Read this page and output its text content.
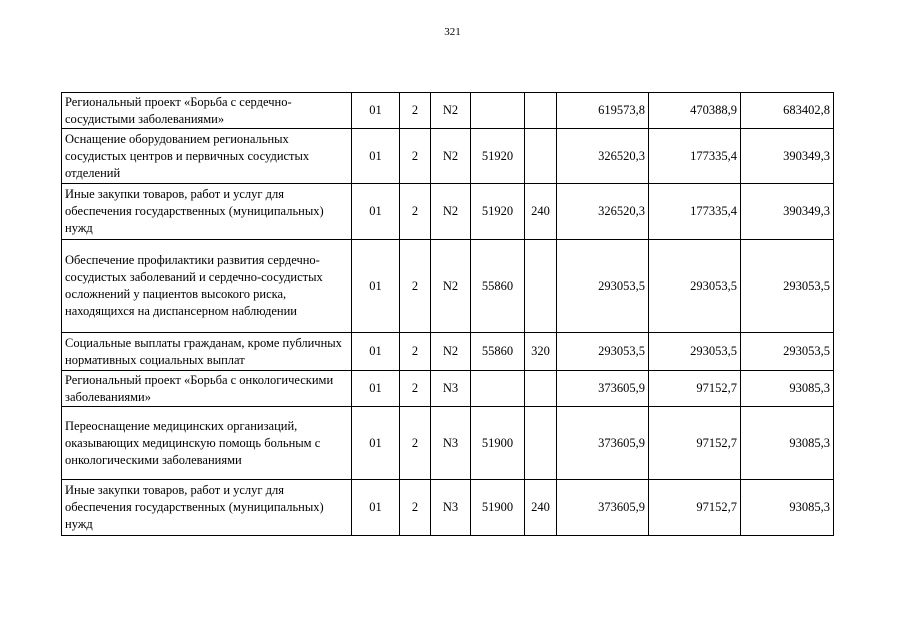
321
Региональный проект «Борьба с сердечно-сосудистыми заболеваниями»	01	2	N2			619573,8	470388,9	683402,8
Оснащение оборудованием региональных сосудистых центров и первичных сосудистых отделений	01	2	N2	51920		326520,3	177335,4	390349,3
Иные закупки товаров, работ и услуг для обеспечения государственных (муниципальных) нужд	01	2	N2	51920	240	326520,3	177335,4	390349,3
Обеспечение профилактики развития сердечно-сосудистых заболеваний и сердечно-сосудистых осложнений у пациентов высокого риска, находящихся на диспансерном наблюдении	01	2	N2	55860		293053,5	293053,5	293053,5
Социальные выплаты гражданам, кроме публичных нормативных социальных выплат	01	2	N2	55860	320	293053,5	293053,5	293053,5
Региональный проект «Борьба с онкологическими заболеваниями»	01	2	N3			373605,9	97152,7	93085,3
Переоснащение медицинских организаций, оказывающих медицинскую помощь больным с онкологическими заболеваниями	01	2	N3	51900		373605,9	97152,7	93085,3
Иные закупки товаров, работ и услуг для обеспечения государственных (муниципальных) нужд	01	2	N3	51900	240	373605,9	97152,7	93085,3
